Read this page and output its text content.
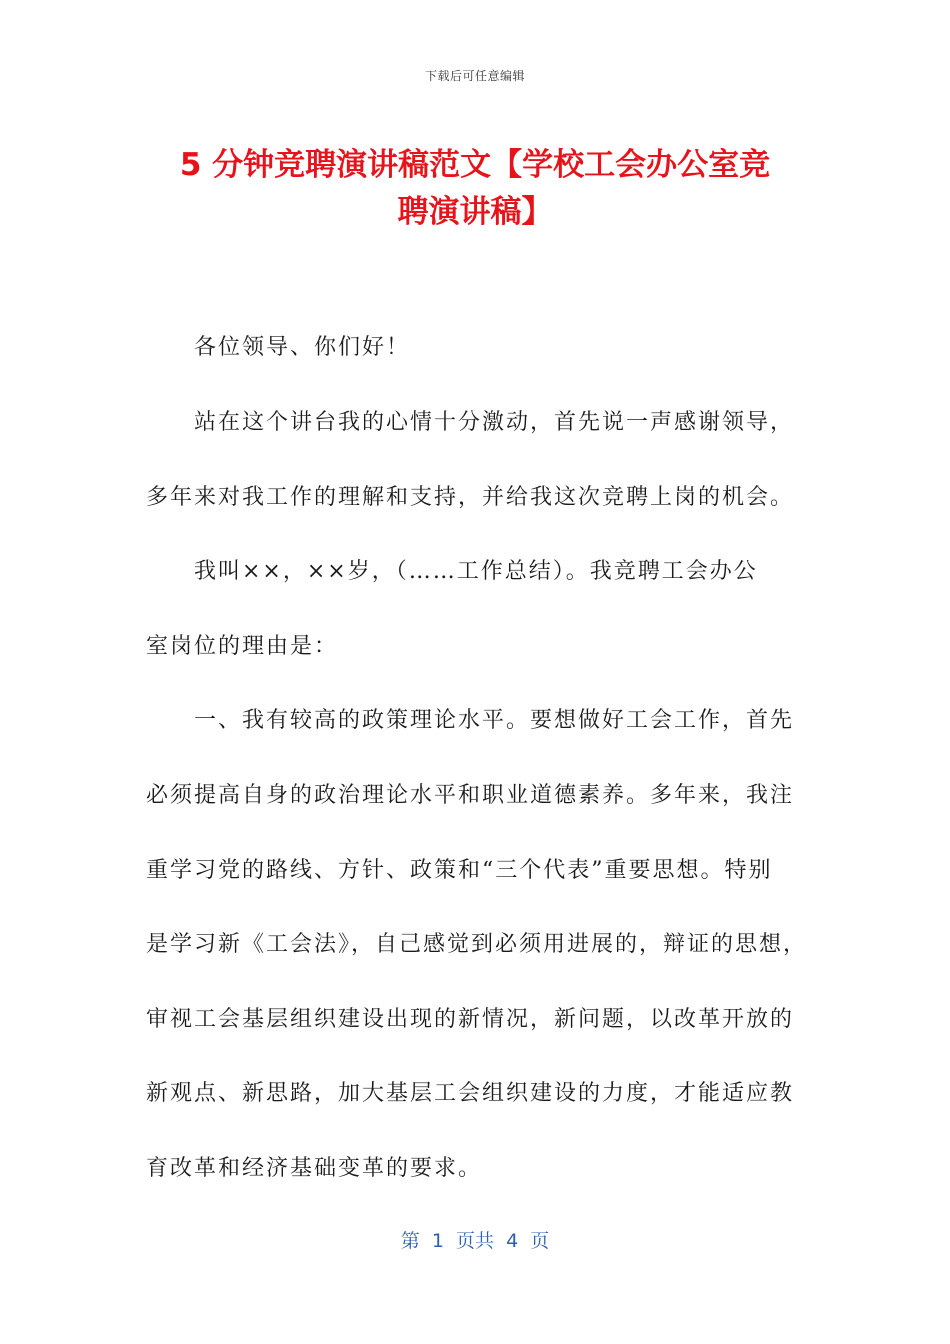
下载后可任意编辑
5 分钟竞聘演讲稿范文【学校工会办公室竞
聘演讲稿】
各位领导、你们好！
站在这个讲台我的心情十分激动，首先说一声感谢领导，
多年来对我工作的理解和支持，并给我这次竞聘上岗的机会。
我叫××，××岁，（……工作总结）。我竞聘工会办公
室岗位的理由是：
一、我有较高的政策理论水平。要想做好工会工作，首先
必须提高自身的政治理论水平和职业道德素养。多年来，我注
重学习党的路线、方针、政策和“三个代表”重要思想。特别
是学习新《工会法》，自己感觉到必须用进展的，辩证的思想，
审视工会基层组织建设出现的新情况，新问题，以改革开放的
新观点、新思路，加大基层工会组织建设的力度，才能适应教
育改革和经济基础变革的要求。
第  1  页共  4  页
